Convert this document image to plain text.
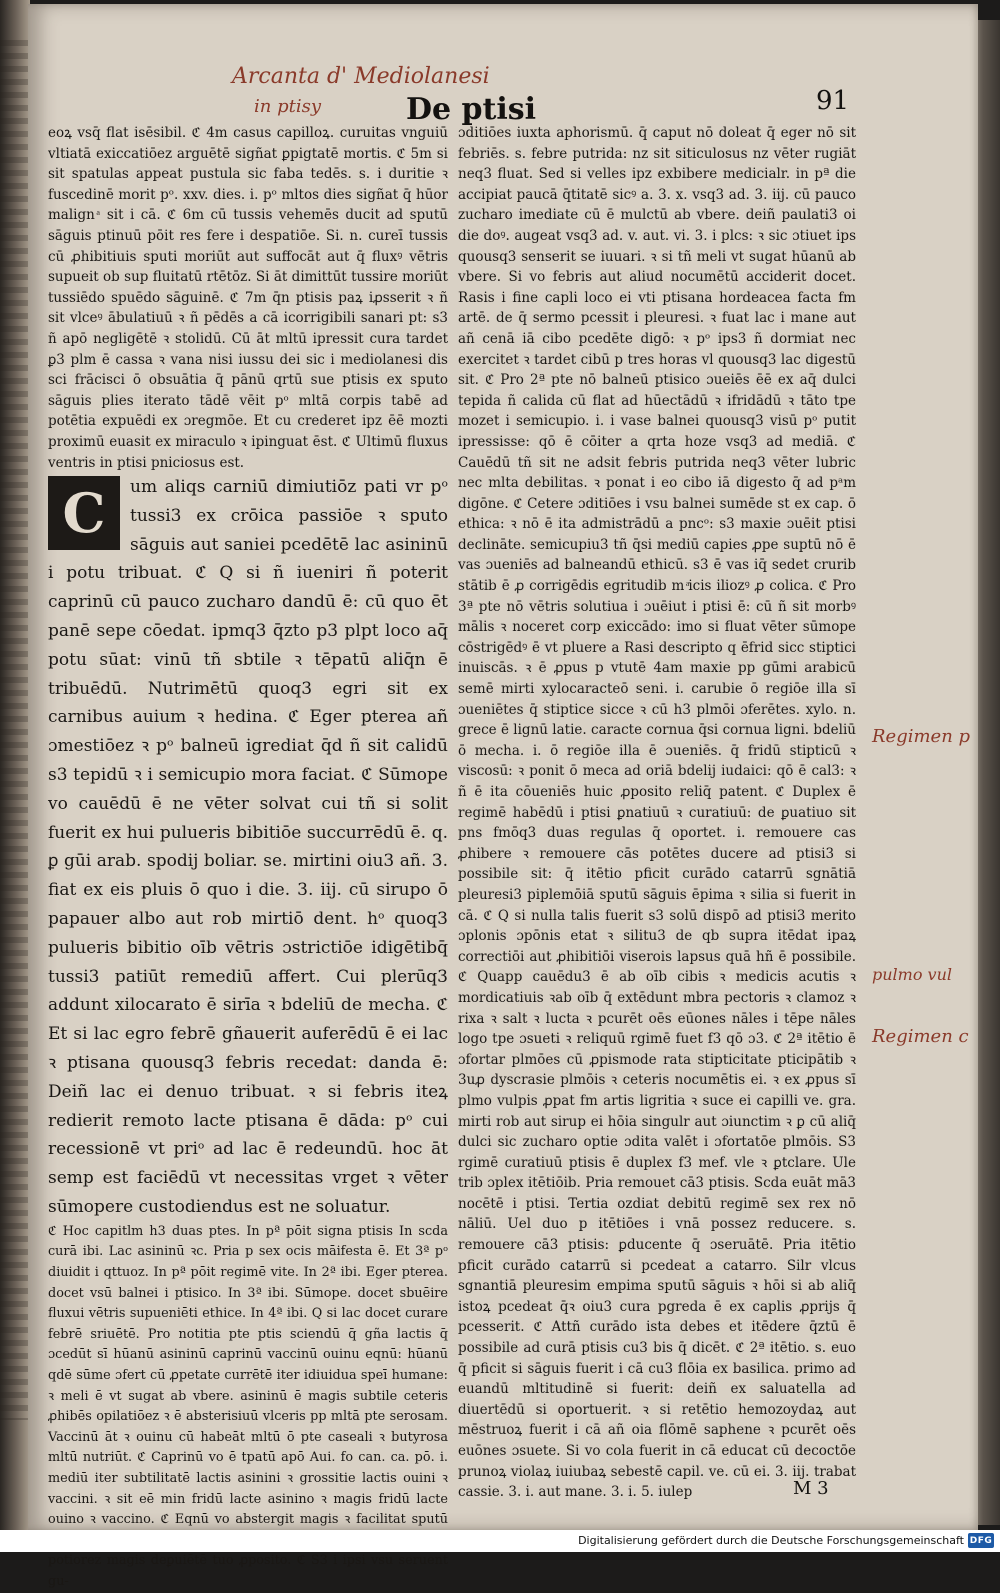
Arcanta d' Mediolanesi
in ptisy	De ptisi	91

eoꝝ vsq̄ flat isēsibil. ℭ 4m casus capilloꝝ. curuitas vnguiū vltiatā exiccatiōez arguētē sigñat ꝑpigtatē mortis. ℭ 5m si sit spatulas appeat pustula sic faba tedēs. s. i duritie ꝛ fuscedinē morit pᵒ. xxv. dies. i. pᵒ mltos dies sigñat q̄ hūor malign ͣ sit i cā. ℭ 6m cū tussis vehemēs ducit ad sputū sāguis ptinuū pōit res fere i despatiōe. Si. n. cureī tussis cū ꝓhibitiuis sputi moriūt aut suffocāt aut q̄ fluxꝰ vētris supueit ob sup fluitatū rtētōz. Si āt dimittūt tussire moriūt tussiēdo spuēdo sāguinē. ℭ 7m q̄n ptisis paꝝ iꝓsserit ꝛ ñ sit vlceꝰ ābulatiuū ꝛ ñ pēdēs a cā icorrigibili sanari pt: s3 ñ apō negligētē ꝛ stolidū. Cū āt mltū ipressit cura tardet ꝑ3 plm ē cassa ꝛ vana nisi iussu dei sic i mediolanesi dis sci frācisci ō obsuātia q̄ pānū qrtū sue ptisis ex sputo sāguis plies iterato tādē vēit pᵒ mltā corpis tabē ad potētia expuēdi ex ɔregmōe. Et cu crederet ipz ēē mozti proximū euasit ex miraculo ꝛ ipinguat ēst. ℭ Ultimū fluxus ventris in ptisi pniciosus est.

C um aliqs carniū dimiutiōz pati vr pᵒ tussi3 ex crōica passiōe ꝛ sputo sāguis aut saniei pcedētē lac asininū i potu tribuat. ℭ Q si ñ iueniri ñ poterit caprinū cū pauco zucharo dandū ē: cū quo ēt panē sepe cōedat. ipmq3 q̄zto p3 plpt loco aq̄ potu sūat: vinū tñ sbtile ꝛ tēpatū aliq̄n ē tribuēdū. Nutrimētū quoq3 egri sit ex carnibus auium ꝛ hedina. ℭ Eger pterea añ ɔmestiōez ꝛ pᵒ balneū igrediat q̄d ñ sit calidū s3 tepidū ꝛ i semicupio mora faciat. ℭ Sūmope vo cauēdū ē ne vēter solvat cui tñ si solit fuerit ex hui pulueris bibitiōe succurrēdū ē. q. ꝑ gūi arab. spodij boliar. se. mirtini oiu3 añ. 3. fiat ex eis pluis ō quo i die. 3. iij. cū sirupo ō papauer albo aut rob mirtiō dent. hᵒ quoq3 pulueris bibitio oīb vētris ɔstrictiōe idigētibq̄ tussi3 patiūt remediū affert. Cui plerūq3 addunt xilocarato ē sirīa ꝛ bdeliū de mecha. ℭ Et si lac egro febrē gñauerit auferēdū ē ei lac ꝛ ptisana quousq3 febris recedat: danda ē: Deiñ lac ei denuo tribuat. ꝛ si febris iteꝝ redierit remoto lacte ptisana ē dāda: pᵒ cui recessionē vt priᵒ ad lac ē redeundū. hoc āt semp est faciēdū vt necessitas vrget ꝛ vēter sūmopere custodiendus est ne soluatur.

ℭ Hoc capitlm h3 duas ptes. In pª pōit signa ptisis In scda curā ibi. Lac asininū ꝛc. Pria p sex ocis māifesta ē. Et 3ª pᵒ diuidit i qttuoz. In pª pōit regimē vite. In 2ª ibi. Eger pterea. docet vsū balnei i ptisico. In 3ª ibi. Sūmope. docet sbuēire fluxui vētris supueniēti ethice. In 4ª ibi. Q si lac docet curare febrē sriuētē. Pro notitia pte ptis sciendū q̄ gña lactis q̄ ɔcedūt sī hūanū asininū caprinū vaccinū ouinu eqnū: hūanū qdē sūme ɔfert cū ꝓpetate currētē iter idiuidua speī humane: ꝛ meli ē vt sugat ab vbere. asininū ē magis subtile ceteris ꝓhibēs opilatiōez ꝛ ē absterisiuū vlceris pp mltā pte serosam. Vaccinū āt ꝛ ouinu cū habeāt mltū ō pte caseali ꝛ butyrosa mltū nutriūt. ℭ Caprinū vo ē tpatū apō Aui. fo can. ca. pō. i. mediū iter subtilitatē lactis asinini ꝛ grossitie lactis ouini ꝛ vaccini. ꝛ sit eē min fridū lacte asinino ꝛ magis fridū lacte ouino ꝛ vaccino. ℭ Eqnū vo abstergit magis ꝛ facilitat sputū potiorez magis deꝑuiētē tuo ꝓposito. ℭ S3 i ipsi vsu seruent gu-

ɔditiōes iuxta aphorismū. q̄ caput nō doleat q̄ eger nō sit febriēs. s. febre putrida: nz sit siticulosus nz vēter rugiāt neq3 fluat. Sed si velles ipz exbibere medicialr. in pª die accipiat paucā q̄titatē sicꝰ a. 3. x. vsq3 ad. 3. iij. cū pauco zucharo imediate cū ē mulctū ab vbere. deiñ paulati3 oi die doꝰ. augeat vsq3 ad. v. aut. vi. 3. i plcs: ꝛ sic ɔtiuet ips quousq3 senserit se iuuari. ꝛ si tñ meli vt sugat hūanū ab vbere. Si vo febris aut aliud nocumētū acciderit docet. Rasis i fine capli loco ei vti ptisana hordeacea facta fm artē. de q̄ sermo pcessit i pleuresi. ꝛ fuat lac i mane aut añ cenā iā cibo pcedēte digō: ꝛ pᵒ ips3 ñ dormiat nec exercitet ꝛ tardet cibū p tres horas vl quousq3 lac digestū sit. ℭ Pro 2ª pte nō balneū ptisico ɔueiēs ēē ex aq̄ dulci tepida ñ calida cū flat ad hūectādū ꝛ ifridādū ꝛ tāto tpe mozet i semicupio. i. i vase balnei quousq3 visū pᵒ putit ipressisse: qō ē cōiter a qrta hoze vsq3 ad mediā. ℭ Cauēdū tñ sit ne adsit febris putrida neq3 vēter lubric nec mlta debilitas. ꝛ ponat i eo cibo iā digesto q̄ ad pᵃm digōne. ℭ Cetere ɔditiōes i vsu balnei sumēde st ex cap. ō ethica: ꝛ nō ē ita admistrādū a pncᵒ: s3 maxie ɔuēit ptisi declināte. semicupiu3 tñ q̄si mediū capies ꝓpe suptū nō ē vas ɔueniēs ad balneandū ethicū. s3 ē vas iq̄ sedet crurib stātib ē ꝓ corrigēdis egritudib m ͣicis iliozꝰ ꝓ colica. ℭ Pro 3ª pte nō vētris solutiua i ɔuēiut i ptisi ē: cū ñ sit morbꝰ mālis ꝛ noceret corp exiccādo: imo si fluat vēter sūmope cōstrigēdꝰ ē vt pluere a Rasi descripto q ēfrid sicc stiptici inuiscās. ꝛ ē ꝓpus p vtutē 4am maxie pp gūmi arabicū semē mirti xylocaracteō seni. i. carubie ō regiōe illa sī ɔueniētes q̄ stiptice sicce ꝛ cū h3 plmōi ɔferētes. xylo. n. grece ē lignū latie. caracte cornua q̄si cornua ligni. bdeliū ō mecha. i. ō regiōe illa ē ɔueniēs. q̄ fridū stipticū ꝛ viscosū: ꝛ ponit ō meca ad oriā bdelij iudaici: qō ē cal3: ꝛ ñ ē ita cōueniēs huic ꝓposito reliq̄ patent. ℭ Duplex ē regimē habēdū i ptisi ꝑnatiuū ꝛ curatiuū: de ꝑuatiuo sit pns fmōq3 duas regulas q̄ oportet. i. remouere cas ꝓhibere ꝛ remouere cās potētes ducere ad ptisi3 si possibile sit: q̄ itētio pficit curādo catarrū sgnātiā pleuresi3 piplemōiā sputū sāguis ēpima ꝛ silia si fuerit in cā. ℭ Q si nulla talis fuerit s3 solū dispō ad ptisi3 merito ɔplonis ɔpōnis etat ꝛ silitu3 de qb supra itēdat ipaꝝ correctiōi aut ꝓhibitiōi viserois lapsus quā hñ ē possibile. ℭ Quapp cauēdu3 ē ab oīb cibis ꝛ medicis acutis ꝛ mordicatiuis ꝛab oīb q̄ extēdunt mbra pectoris ꝛ clamoz ꝛ rixa ꝛ salt ꝛ lucta ꝛ pcurēt oēs eūones nāles i tēpe nāles logo tpe ɔsueti ꝛ reliquū rgimē fuet f3 qō ɔ3. ℭ 2ª itētio ē ɔfortar plmōes cū ꝓpismode rata stipticitate pticipātib ꝛ 3uꝓ dyscrasie plmōis ꝛ ceteris nocumētis ei. ꝛ ex ꝓpus sī plmo vulpis ꝓpat fm artis ligritia ꝛ suce ei capilli ve. gra. mirti rob aut sirup ei hōia singulr aut ɔiunctim ꝛ ꝑ cū aliq̄ dulci sic zucharo optie ɔdita valēt i ɔfortatōe plmōis. S3 rgimē curatiuū ptisis ē duplex f3 mef. vle ꝛ ꝑtclare. Ule trib ɔplex itētiōib. Pria remouet cā3 ptisis. Scda euāt mā3 nocētē i ptisi. Tertia ozdiat debitū regimē sex rex nō nāliū. Uel duo p itētiōes i vnā possez reducere. s. remouere cā3 ptisis: ꝑducente q̄ ɔseruātē. Pria itētio pficit curādo catarrū si pcedeat a catarro. Silr vlcus sgnantiā pleuresim empima sputū sāguis ꝛ hōi si ab aliq̄ istoꝝ pcedeat q̄ꝛ oiu3 cura pgreda ē ex caplis ꝓprijs q̄ pcesserit. ℭ Attñ curādo ista debes et itēdere q̄ztū ē possibile ad curā ptisis cu3 bis q̄ dicēt. ℭ 2ª itētio. s. euo q̄ pficit si sāguis fuerit i cā cu3 flōia ex basilica. primo ad euandū mltitudinē si fuerit: deiñ ex saluatella ad diuertēdū si oportuerit. ꝛ si retētio hemozoydaꝝ aut mēstruoꝝ fuerit i cā añ oia flōmē saphene ꝛ pcurēt oēs euōnes ɔsuete. Si vo cola fuerit in cā educat cū decoctōe prunoꝝ violaꝝ iuiubaꝝ sebestē capil. ve. cū ei. 3. iij. trabat cassie. 3. i. aut mane. 3. i. 5. iulep

Regimen p
pulmo vul
Regimen c
M 3
Digitalisierung gefördert durch die Deutsche Forschungsgemeinschaft DFG
